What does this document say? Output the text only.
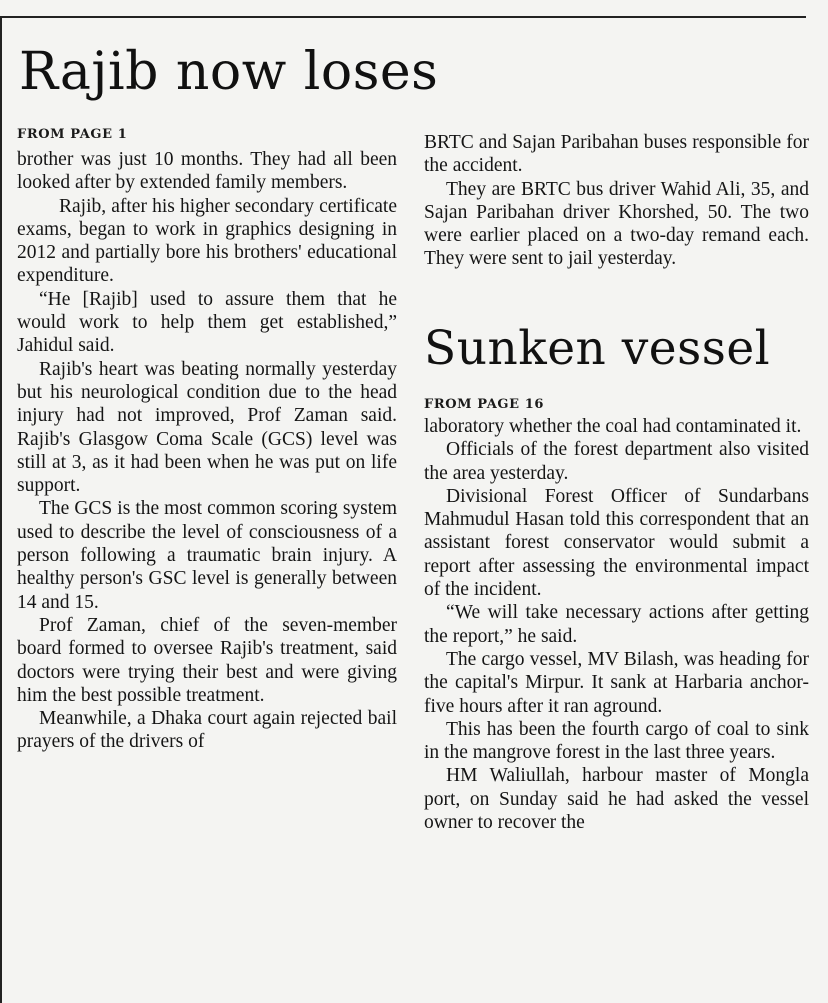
Rajib now loses
FROM PAGE 1

brother was just 10 months. They had all been looked after by extended family members.

Rajib, after his higher secondary certificate exams, began to work in graphics designing in 2012 and partially bore his brothers' educational expenditure.

“He [Rajib] used to assure them that he would work to help them get established,” Jahidul said.

Rajib's heart was beating normally yesterday but his neurological condition due to the head injury had not improved, Prof Zaman said. Rajib's Glasgow Coma Scale (GCS) level was still at 3, as it had been when he was put on life support.

The GCS is the most common scoring system used to describe the level of consciousness of a person following a traumatic brain injury. A healthy person's GSC level is generally between 14 and 15.

Prof Zaman, chief of the seven-member board formed to oversee Rajib's treatment, said doctors were trying their best and were giving him the best possible treatment.

Meanwhile, a Dhaka court again rejected bail prayers of the drivers of

BRTC and Sajan Paribahan buses responsible for the accident.

They are BRTC bus driver Wahid Ali, 35, and Sajan Paribahan driver Khorshed, 50. The two were earlier placed on a two-day remand each. They were sent to jail yesterday.

Sunken vessel
FROM PAGE 16

laboratory whether the coal had contaminated it.

Officials of the forest department also visited the area yesterday.

Divisional Forest Officer of Sundarbans Mahmudul Hasan told this correspondent that an assistant forest conservator would submit a report after assessing the environmental impact of the incident.

“We will take necessary actions after getting the report,” he said.

The cargo vessel, MV Bilash, was heading for the capital's Mirpur. It sank at Harbaria anchor-five hours after it ran aground.

This has been the fourth cargo of coal to sink in the mangrove forest in the last three years.

HM Waliullah, harbour master of Mongla port, on Sunday said he had asked the vessel owner to recover the
